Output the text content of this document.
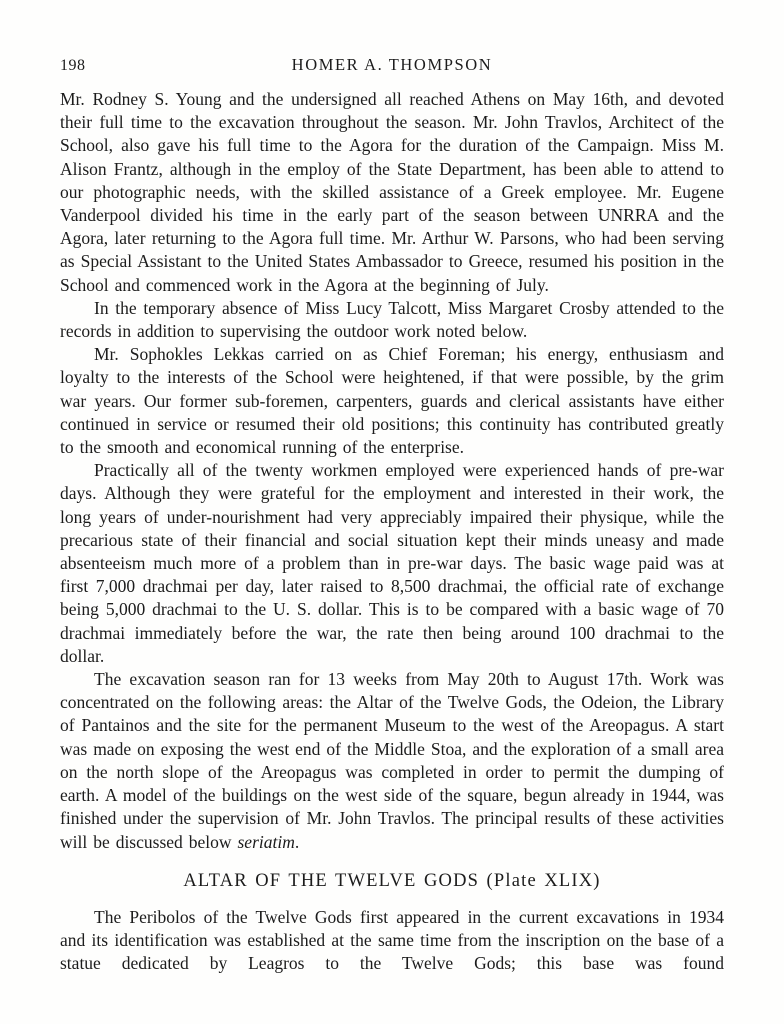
198	HOMER A. THOMPSON

Mr. Rodney S. Young and the undersigned all reached Athens on May 16th, and devoted their full time to the excavation throughout the season. Mr. John Travlos, Architect of the School, also gave his full time to the Agora for the duration of the Campaign. Miss M. Alison Frantz, although in the employ of the State Department, has been able to attend to our photographic needs, with the skilled assistance of a Greek employee. Mr. Eugene Vanderpool divided his time in the early part of the season between UNRRA and the Agora, later returning to the Agora full time. Mr. Arthur W. Parsons, who had been serving as Special Assistant to the United States Ambassador to Greece, resumed his position in the School and commenced work in the Agora at the beginning of July.

In the temporary absence of Miss Lucy Talcott, Miss Margaret Crosby attended to the records in addition to supervising the outdoor work noted below.

Mr. Sophokles Lekkas carried on as Chief Foreman; his energy, enthusiasm and loyalty to the interests of the School were heightened, if that were possible, by the grim war years. Our former sub-foremen, carpenters, guards and clerical assistants have either continued in service or resumed their old positions; this continuity has contributed greatly to the smooth and economical running of the enterprise.

Practically all of the twenty workmen employed were experienced hands of pre-war days. Although they were grateful for the employment and interested in their work, the long years of under-nourishment had very appreciably impaired their physique, while the precarious state of their financial and social situation kept their minds uneasy and made absenteeism much more of a problem than in pre-war days. The basic wage paid was at first 7,000 drachmai per day, later raised to 8,500 drachmai, the official rate of exchange being 5,000 drachmai to the U. S. dollar. This is to be compared with a basic wage of 70 drachmai immediately before the war, the rate then being around 100 drachmai to the dollar.

The excavation season ran for 13 weeks from May 20th to August 17th. Work was concentrated on the following areas: the Altar of the Twelve Gods, the Odeion, the Library of Pantainos and the site for the permanent Museum to the west of the Areopagus. A start was made on exposing the west end of the Middle Stoa, and the exploration of a small area on the north slope of the Areopagus was completed in order to permit the dumping of earth. A model of the buildings on the west side of the square, begun already in 1944, was finished under the supervision of Mr. John Travlos. The principal results of these activities will be discussed below seriatim.

ALTAR OF THE TWELVE GODS (Plate XLIX)

The Peribolos of the Twelve Gods first appeared in the current excavations in 1934 and its identification was established at the same time from the inscription on the base of a statue dedicated by Leagros to the Twelve Gods; this base was found
